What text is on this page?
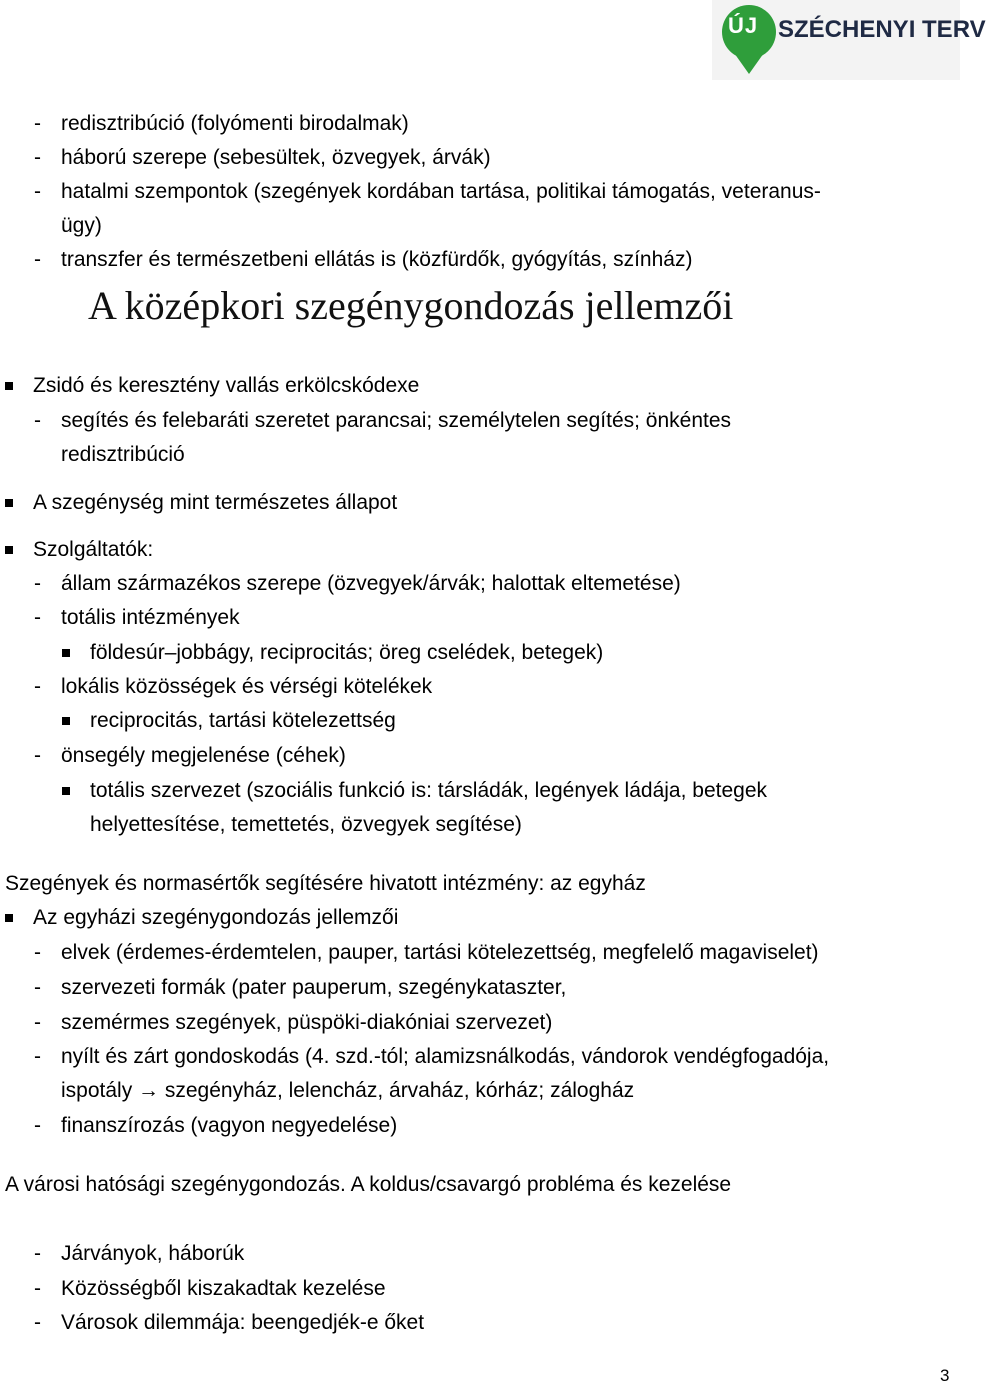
ÚJ SZÉCHENYI TERV
- redisztribúció (folyómenti birodalmak)
- háború szerepe (sebesültek, özvegyek, árvák)
- hatalmi szempontok (szegények kordában tartása, politikai támogatás, veteranus-
ügy)
- transzfer és természetbeni ellátás is (közfürdők, gyógyítás, színház)
A középkori szegénygondozás jellemzői
Zsidó és keresztény vallás erkölcskódexe
- segítés és felebaráti szeretet parancsai; személytelen segítés; önkéntes
redisztribúció
A szegénység mint természetes állapot
Szolgáltatók:
- állam származékos szerepe (özvegyek/árvák; halottak eltemetése)
- totális intézmények
földesúr–jobbágy, reciprocitás; öreg cselédek, betegek)
- lokális közösségek és vérségi kötelékek
reciprocitás, tartási kötelezettség
- önsegély megjelenése (céhek)
totális szervezet (szociális funkció is: társládák, legények ládája, betegek
helyettesítése, temettetés, özvegyek segítése)
Szegények és normasértők segítésére hivatott intézmény: az egyház
Az egyházi szegénygondozás jellemzői
- elvek (érdemes-érdemtelen, pauper, tartási kötelezettség, megfelelő magaviselet)
- szervezeti formák (pater pauperum, szegénykataszter,
- szemérmes szegények, püspöki-diakóniai szervezet)
- nyílt és zárt gondoskodás (4. szd.-tól; alamizsnálkodás, vándorok vendégfogadója,
ispotály → szegényház, lelencház, árvaház, kórház; zálogház
- finanszírozás (vagyon negyedelése)
A városi hatósági szegénygondozás. A koldus/csavargó probléma és kezelése
- Járványok, háborúk
- Közösségből kiszakadtak kezelése
- Városok dilemmája: beengedjék-e őket
3
